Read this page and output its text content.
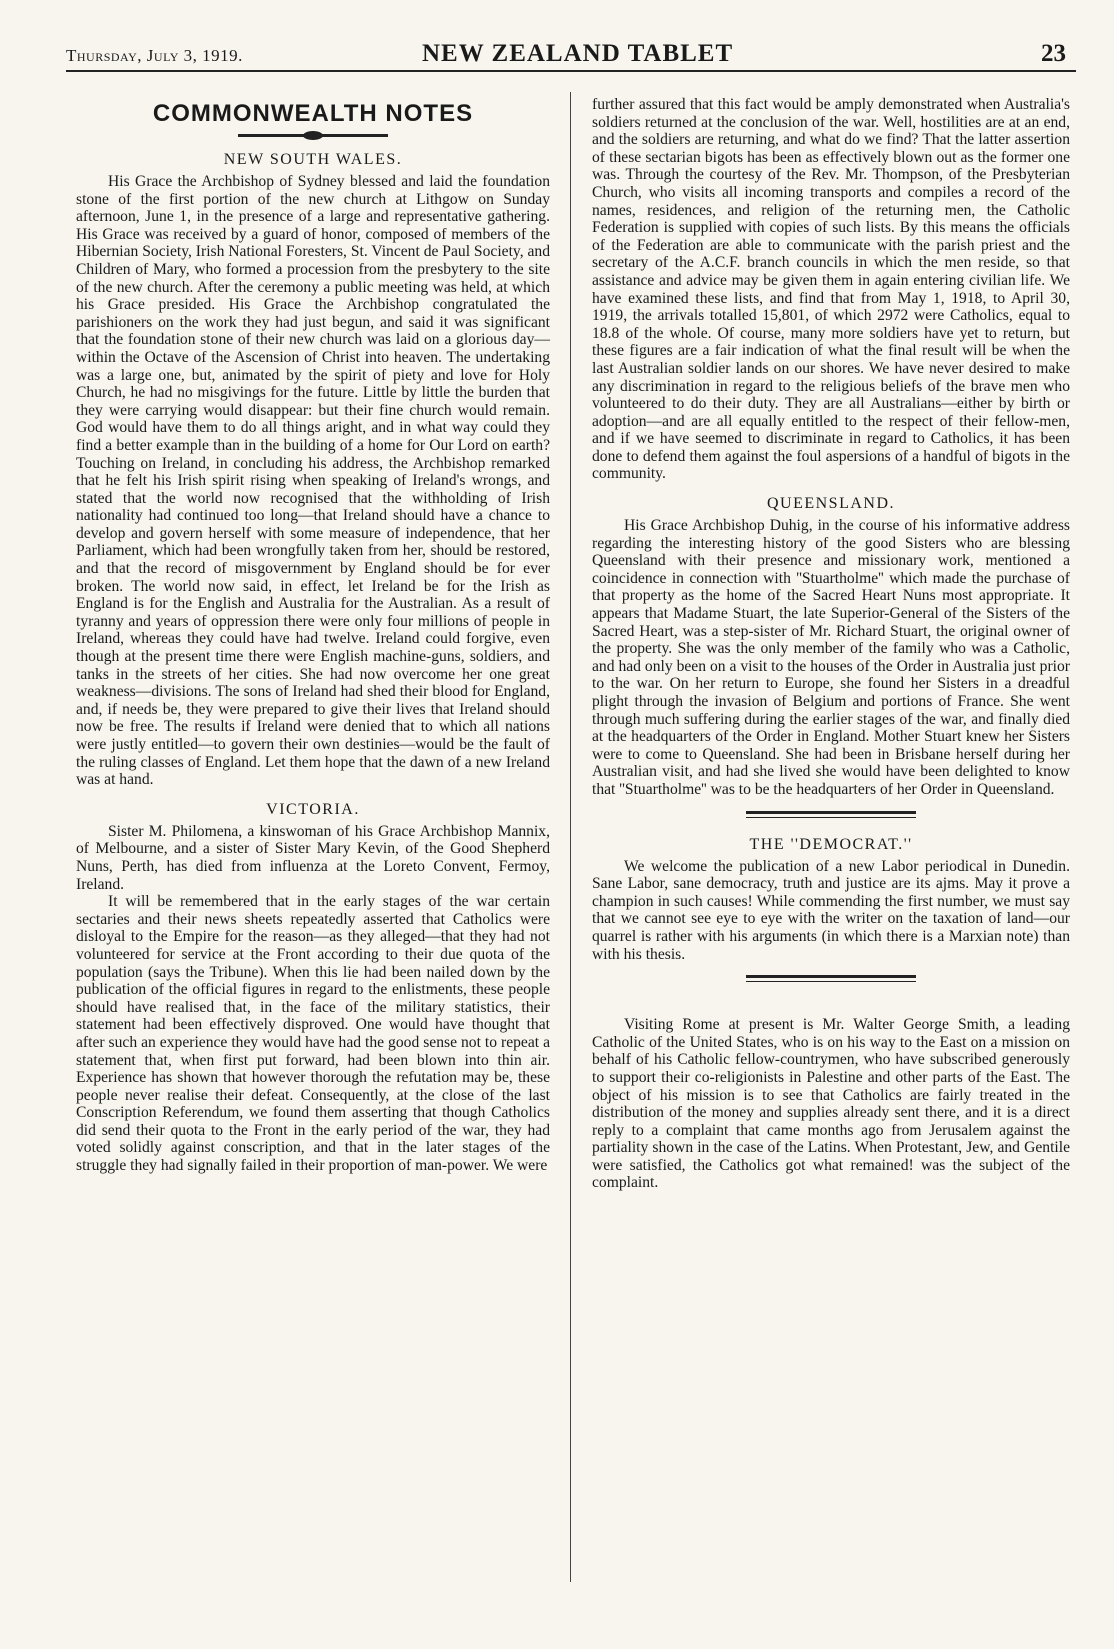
Thursday, July 3, 1919.	NEW ZEALAND TABLET	23
COMMONWEALTH NOTES
NEW SOUTH WALES.

His Grace the Archbishop of Sydney blessed and laid the foundation stone of the first portion of the new church at Lithgow on Sunday afternoon, June 1, in the presence of a large and representative gathering. His Grace was received by a guard of honor, composed of members of the Hibernian Society, Irish National Foresters, St. Vincent de Paul Society, and Children of Mary, who formed a procession from the presbytery to the site of the new church. After the ceremony a public meeting was held, at which his Grace presided. His Grace the Archbishop congratulated the parishioners on the work they had just begun, and said it was significant that the foundation stone of their new church was laid on a glorious day—within the Octave of the Ascension of Christ into heaven. The undertaking was a large one, but, animated by the spirit of piety and love for Holy Church, he had no misgivings for the future. Little by little the burden that they were carrying would disappear: but their fine church would remain. God would have them to do all things aright, and in what way could they find a better example than in the building of a home for Our Lord on earth? Touching on Ireland, in concluding his address, the Archbishop remarked that he felt his Irish spirit rising when speaking of Ireland's wrongs, and stated that the world now recognised that the withholding of Irish nationality had continued too long—that Ireland should have a chance to develop and govern herself with some measure of independence, that her Parliament, which had been wrongfully taken from her, should be restored, and that the record of misgovernment by England should be for ever broken. The world now said, in effect, let Ireland be for the Irish as England is for the English and Australia for the Australian. As a result of tyranny and years of oppression there were only four millions of people in Ireland, whereas they could have had twelve. Ireland could forgive, even though at the present time there were English machine-guns, soldiers, and tanks in the streets of her cities. She had now overcome her one great weakness—divisions. The sons of Ireland had shed their blood for England, and, if needs be, they were prepared to give their lives that Ireland should now be free. The results if Ireland were denied that to which all nations were justly entitled—to govern their own destinies—would be the fault of the ruling classes of England. Let them hope that the dawn of a new Ireland was at hand.

VICTORIA.

Sister M. Philomena, a kinswoman of his Grace Archbishop Mannix, of Melbourne, and a sister of Sister Mary Kevin, of the Good Shepherd Nuns, Perth, has died from influenza at the Loreto Convent, Fermoy, Ireland.

It will be remembered that in the early stages of the war certain sectaries and their news sheets repeatedly asserted that Catholics were disloyal to the Empire for the reason—as they alleged—that they had not volunteered for service at the Front according to their due quota of the population (says the Tribune). When this lie had been nailed down by the publication of the official figures in regard to the enlistments, these people should have realised that, in the face of the military statistics, their statement had been effectively disproved. One would have thought that after such an experience they would have had the good sense not to repeat a statement that, when first put forward, had been blown into thin air. Experience has shown that however thorough the refutation may be, these people never realise their defeat. Consequently, at the close of the last Conscription Referendum, we found them asserting that though Catholics did send their quota to the Front in the early period of the war, they had voted solidly against conscription, and that in the later stages of the struggle they had signally failed in their proportion of man-power. We were

further assured that this fact would be amply demonstrated when Australia's soldiers returned at the conclusion of the war. Well, hostilities are at an end, and the soldiers are returning, and what do we find? That the latter assertion of these sectarian bigots has been as effectively blown out as the former one was. Through the courtesy of the Rev. Mr. Thompson, of the Presbyterian Church, who visits all incoming transports and compiles a record of the names, residences, and religion of the returning men, the Catholic Federation is supplied with copies of such lists. By this means the officials of the Federation are able to communicate with the parish priest and the secretary of the A.C.F. branch councils in which the men reside, so that assistance and advice may be given them in again entering civilian life. We have examined these lists, and find that from May 1, 1918, to April 30, 1919, the arrivals totalled 15,801, of which 2972 were Catholics, equal to 18.8 of the whole. Of course, many more soldiers have yet to return, but these figures are a fair indication of what the final result will be when the last Australian soldier lands on our shores. We have never desired to make any discrimination in regard to the religious beliefs of the brave men who volunteered to do their duty. They are all Australians—either by birth or adoption—and are all equally entitled to the respect of their fellow-men, and if we have seemed to discriminate in regard to Catholics, it has been done to defend them against the foul aspersions of a handful of bigots in the community.

QUEENSLAND.

His Grace Archbishop Duhig, in the course of his informative address regarding the interesting history of the good Sisters who are blessing Queensland with their presence and missionary work, mentioned a coincidence in connection with ''Stuartholme'' which made the purchase of that property as the home of the Sacred Heart Nuns most appropriate. It appears that Madame Stuart, the late Superior-General of the Sisters of the Sacred Heart, was a step-sister of Mr. Richard Stuart, the original owner of the property. She was the only member of the family who was a Catholic, and had only been on a visit to the houses of the Order in Australia just prior to the war. On her return to Europe, she found her Sisters in a dreadful plight through the invasion of Belgium and portions of France. She went through much suffering during the earlier stages of the war, and finally died at the headquarters of the Order in England. Mother Stuart knew her Sisters were to come to Queensland. She had been in Brisbane herself during her Australian visit, and had she lived she would have been delighted to know that ''Stuartholme'' was to be the headquarters of her Order in Queensland.

THE ''DEMOCRAT.''

We welcome the publication of a new Labor periodical in Dunedin. Sane Labor, sane democracy, truth and justice are its ajms. May it prove a champion in such causes! While commending the first number, we must say that we cannot see eye to eye with the writer on the taxation of land—our quarrel is rather with his arguments (in which there is a Marxian note) than with his thesis.

Visiting Rome at present is Mr. Walter George Smith, a leading Catholic of the United States, who is on his way to the East on a mission on behalf of his Catholic fellow-countrymen, who have subscribed generously to support their co-religionists in Palestine and other parts of the East. The object of his mission is to see that Catholics are fairly treated in the distribution of the money and supplies already sent there, and it is a direct reply to a complaint that came months ago from Jerusalem against the partiality shown in the case of the Latins. When Protestant, Jew, and Gentile were satisfied, the Catholics got what remained! was the subject of the complaint.
